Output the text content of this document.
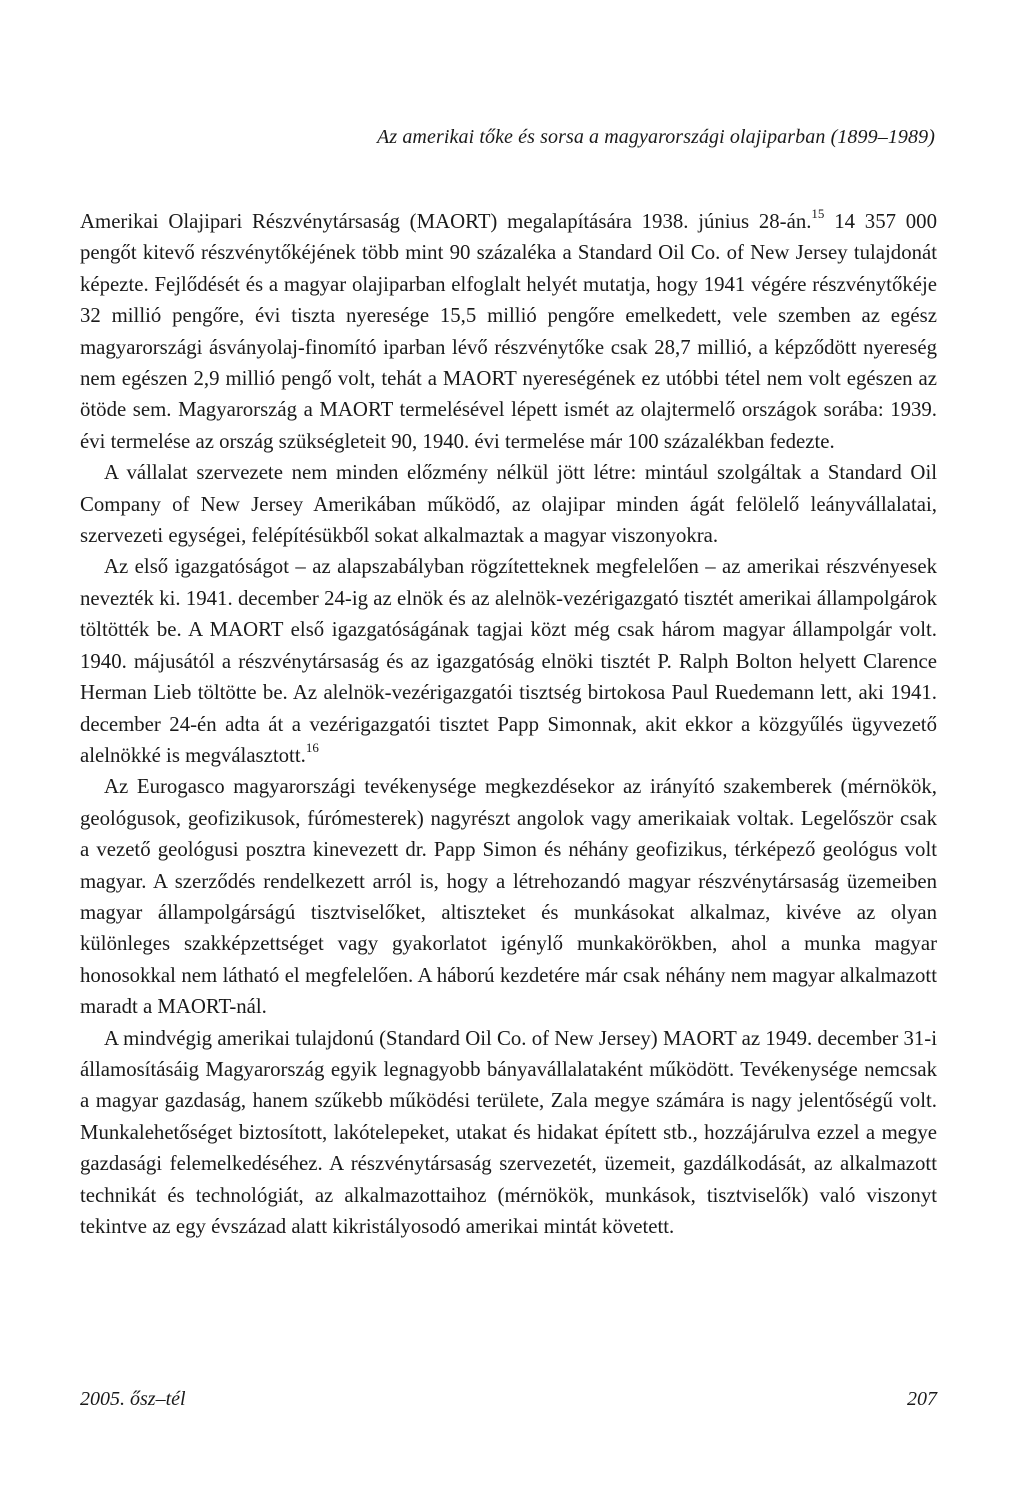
Az amerikai tőke és sorsa a magyarországi olajiparban (1899–1989)

Amerikai Olajipari Részvénytársaság (MAORT) megalapítására 1938. június 28-án.$^{15}$ 14 357 000 pengőt kitevő részvénytőkéjének több mint 90 százaléka a Standard Oil Co. of New Jersey tulajdonát képezte. Fejlődését és a magyar olajiparban elfoglalt helyét mutatja, hogy 1941 végére részvénytőkéje 32 millió pengőre, évi tiszta nyeresége 15,5 millió pengőre emelkedett, vele szemben az egész magyarországi ásványolaj-finomító iparban lévő részvénytőke csak 28,7 millió, a képződött nyereség nem egészen 2,9 millió pengő volt, tehát a MAORT nyereségének ez utóbbi tétel nem volt egészen az ötöde sem. Magyarország a MAORT termelésével lépett ismét az olajtermelő országok sorába: 1939. évi termelése az ország szükségleteit 90, 1940. évi termelése már 100 százalékban fedezte.

A vállalat szervezete nem minden előzmény nélkül jött létre: mintául szolgáltak a Standard Oil Company of New Jersey Amerikában működő, az olajipar minden ágát felölelő leányvállalatai, szervezeti egységei, felépítésükből sokat alkalmaztak a magyar viszonyokra.

Az első igazgatóságot – az alapszabályban rögzítetteknek megfelelően – az amerikai részvényesek nevezték ki. 1941. december 24-ig az elnök és az alelnök-vezérigazgató tisztét amerikai állampolgárok töltötték be. A MAORT első igazgatóságának tagjai közt még csak három magyar állampolgár volt. 1940. májusától a részvénytársaság és az igazgatóság elnöki tisztét P. Ralph Bolton helyett Clarence Herman Lieb töltötte be. Az alelnök-vezérigazgatói tisztség birtokosa Paul Ruedemann lett, aki 1941. december 24-én adta át a vezérigazgatói tisztet Papp Simonnak, akit ekkor a közgyűlés ügyvezető alelnökké is megválasztott.$^{16}$

Az Eurogasco magyarországi tevékenysége megkezdésekor az irányító szakemberek (mérnökök, geológusok, geofizikusok, fúrómesterek) nagyrészt angolok vagy amerikaiak voltak. Legelőször csak a vezető geológusi posztra kinevezett dr. Papp Simon és néhány geofizikus, térképező geológus volt magyar. A szerződés rendelkezett arról is, hogy a létrehozandó magyar részvénytársaság üzemeiben magyar állampolgárságú tisztviselőket, altiszteket és munkásokat alkalmaz, kivéve az olyan különleges szakképzettséget vagy gyakorlatot igénylő munkakörökben, ahol a munka magyar honosokkal nem látható el megfelelően. A háború kezdetére már csak néhány nem magyar alkalmazott maradt a MAORT-nál.

A mindvégig amerikai tulajdonú (Standard Oil Co. of New Jersey) MAORT az 1949. december 31-i államosításáig Magyarország egyik legnagyobb bányavállalataként működött. Tevékenysége nemcsak a magyar gazdaság, hanem szűkebb működési területe, Zala megye számára is nagy jelentőségű volt. Munkalehetőséget biztosított, lakótelepeket, utakat és hidakat épített stb., hozzájárulva ezzel a megye gazdasági felemelkedéséhez. A részvénytársaság szervezetét, üzemeit, gazdálkodását, az alkalmazott technikát és technológiát, az alkalmazottaihoz (mérnökök, munkások, tisztviselők) való viszonyt tekintve az egy évszázad alatt kikristályosodó amerikai mintát követett.

2005. ősz–tél	207
